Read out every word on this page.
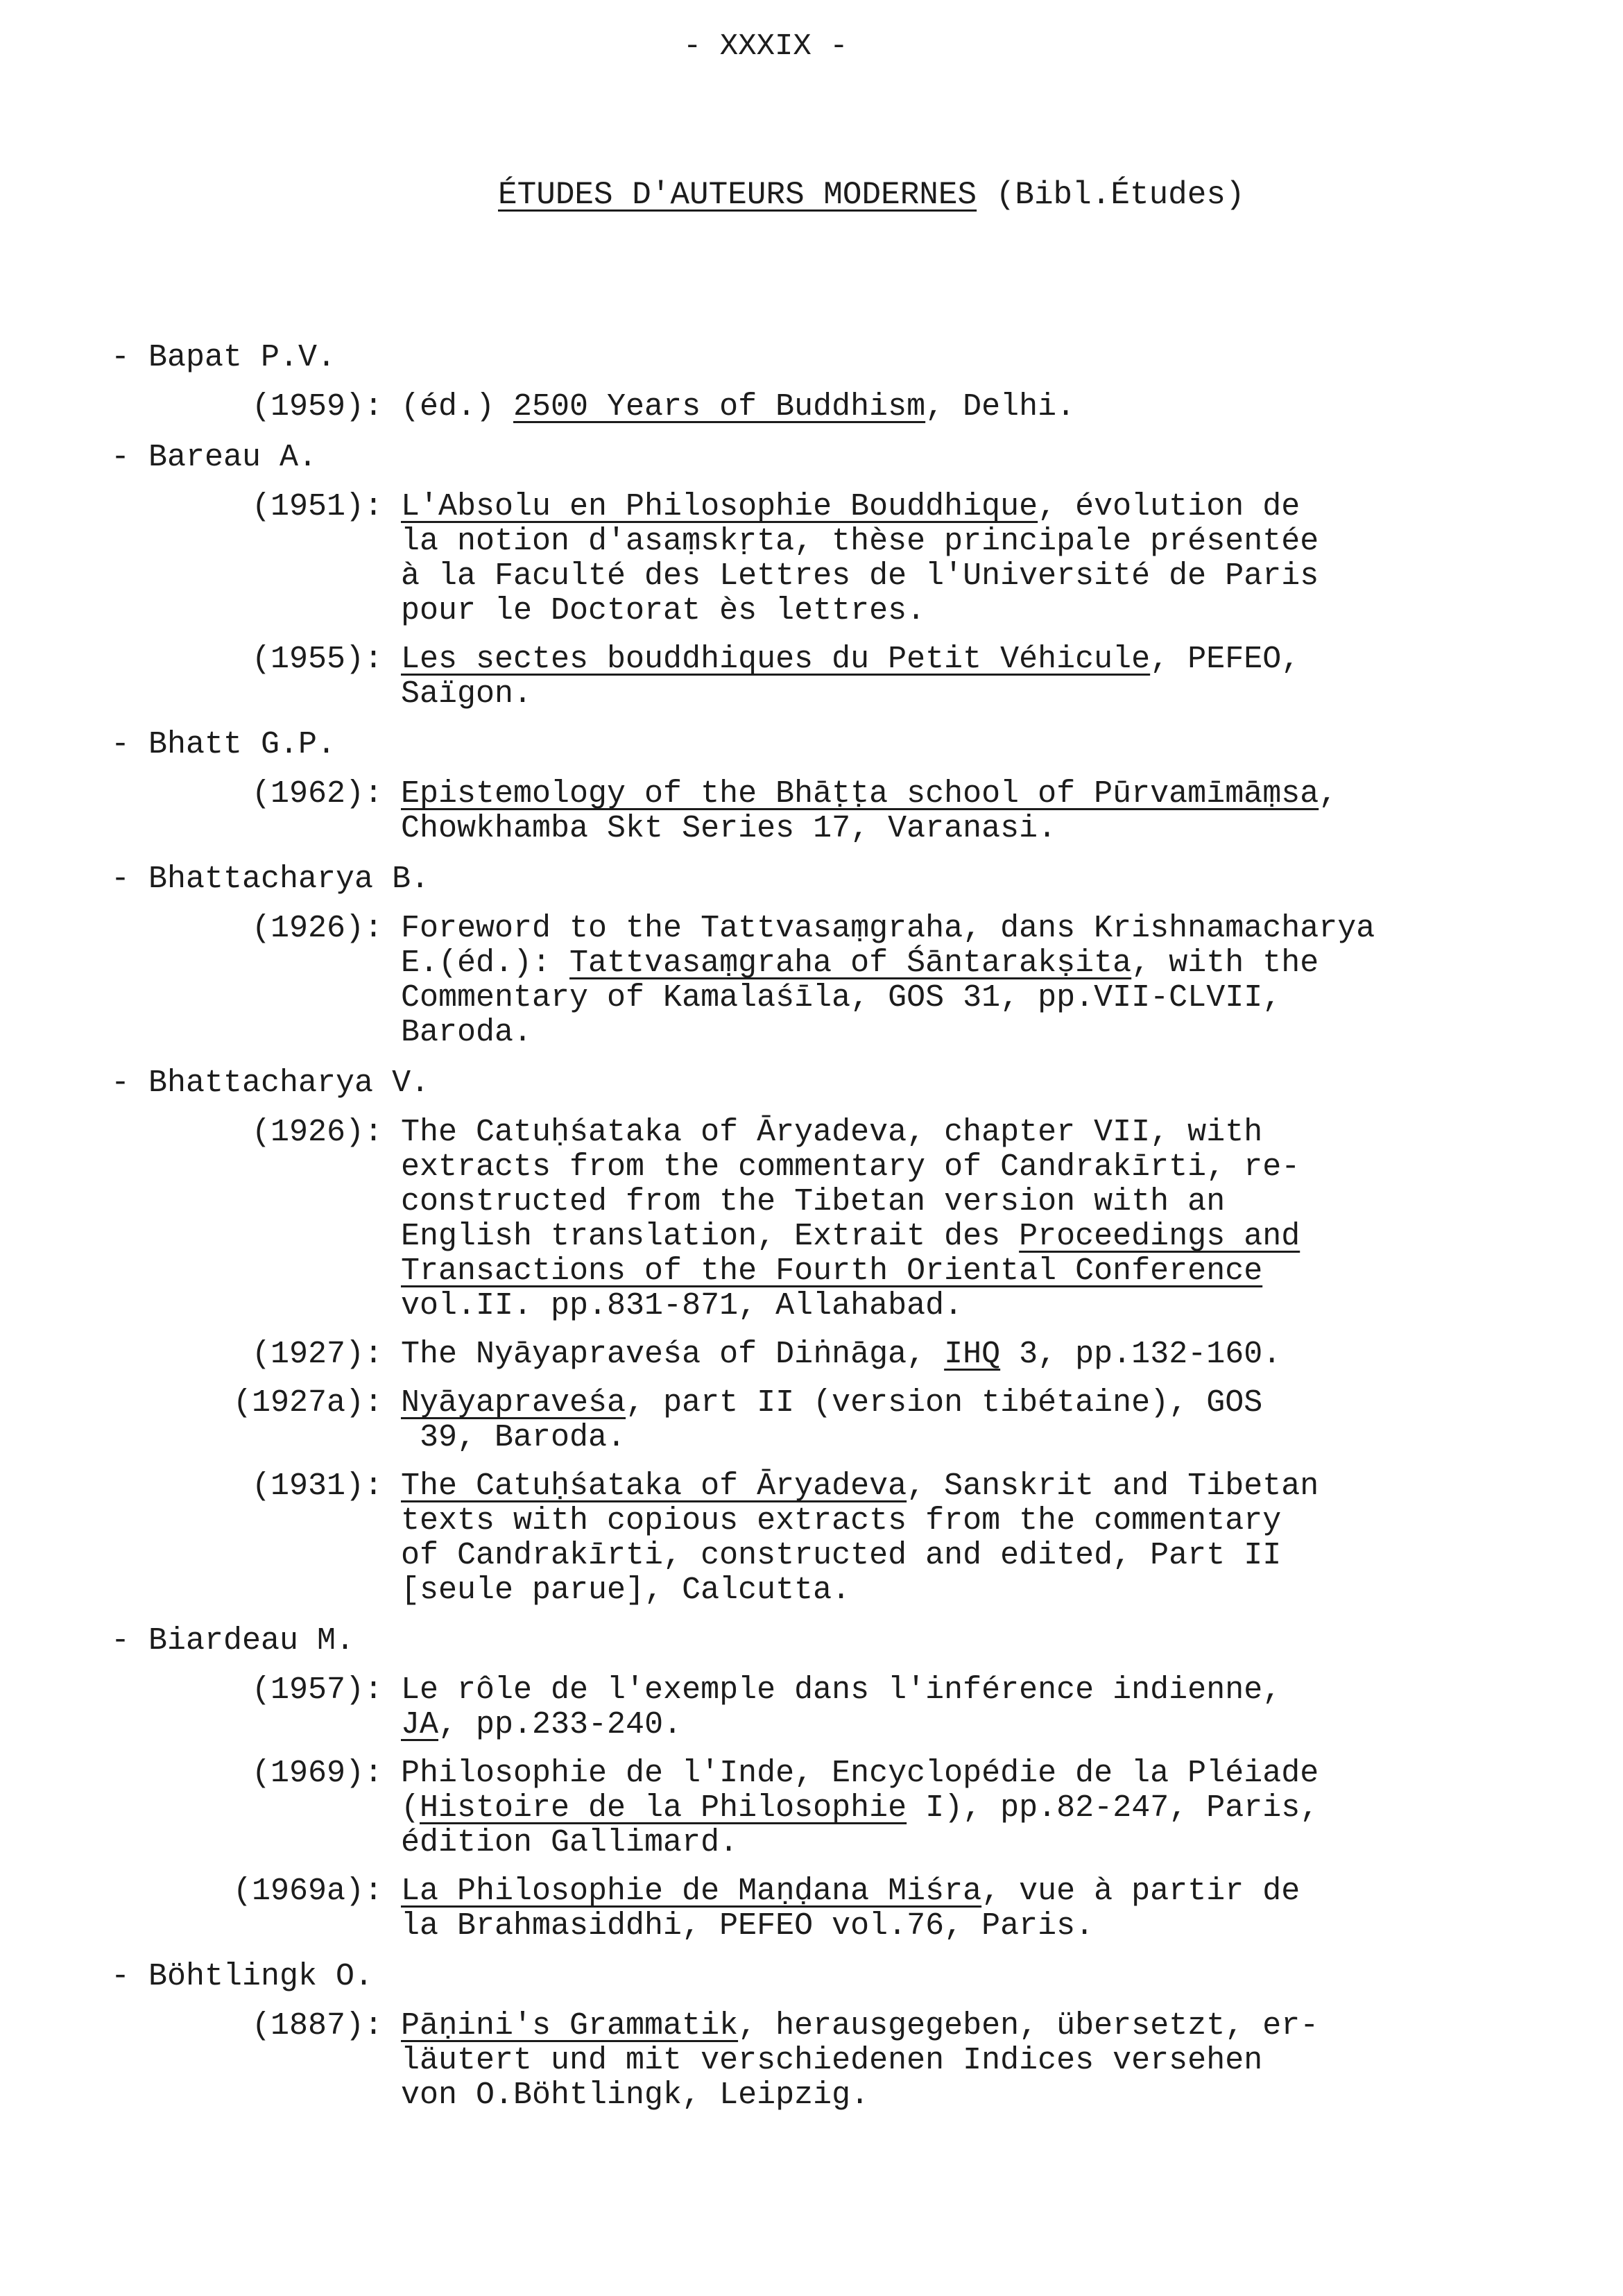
- XXXIX -
ÉTUDES D'AUTEURS MODERNES (Bibl.Études)
- Bapat P.V.
(1959): (éd.) 2500 Years of Buddhism, Delhi.
- Bareau A.
(1951): L'Absolu en Philosophie Bouddhique, évolution de
la notion d'asaṃskṛta, thèse principale présentée
à la Faculté des Lettres de l'Université de Paris
pour le Doctorat ès lettres.
(1955): Les sectes bouddhiques du Petit Véhicule, PEFEO,
Saïgon.
- Bhatt G.P.
(1962): Epistemology of the Bhāṭṭa school of Pūrvamīmāṃsa,
Chowkhamba Skt Series 17, Varanasi.
- Bhattacharya B.
(1926): Foreword to the Tattvasaṃgraha, dans Krishnamacharya
E.(éd.): Tattvasaṃgraha of Śāntarakṣita, with the
Commentary of Kamalaśīla, GOS 31, pp.VII-CLVII,
Baroda.
- Bhattacharya V.
(1926): The Catuḥśataka of Āryadeva, chapter VII, with
extracts from the commentary of Candrakīrti, re-
constructed from the Tibetan version with an
English translation, Extrait des Proceedings and
Transactions of the Fourth Oriental Conference
vol.II. pp.831-871, Allahabad.
(1927): The Nyāyapraveśa of Diṅnāga, IHQ 3, pp.132-160.
(1927a): Nyāyapraveśa, part II (version tibétaine), GOS
39, Baroda.
(1931): The Catuḥśataka of Āryadeva, Sanskrit and Tibetan
texts with copious extracts from the commentary
of Candrakīrti, constructed and edited, Part II
[seule parue], Calcutta.
- Biardeau M.
(1957): Le rôle de l'exemple dans l'inférence indienne,
JA, pp.233-240.
(1969): Philosophie de l'Inde, Encyclopédie de la Pléiade
(Histoire de la Philosophie I), pp.82-247, Paris,
édition Gallimard.
(1969a): La Philosophie de Maṇḍana Miśra, vue à partir de
la Brahmasiddhi, PEFEO vol.76, Paris.
- Böhtlingk O.
(1887): Pāṇini's Grammatik, herausgegeben, übersetzt, er-
läutert und mit verschiedenen Indices versehen
von O.Böhtlingk, Leipzig.
